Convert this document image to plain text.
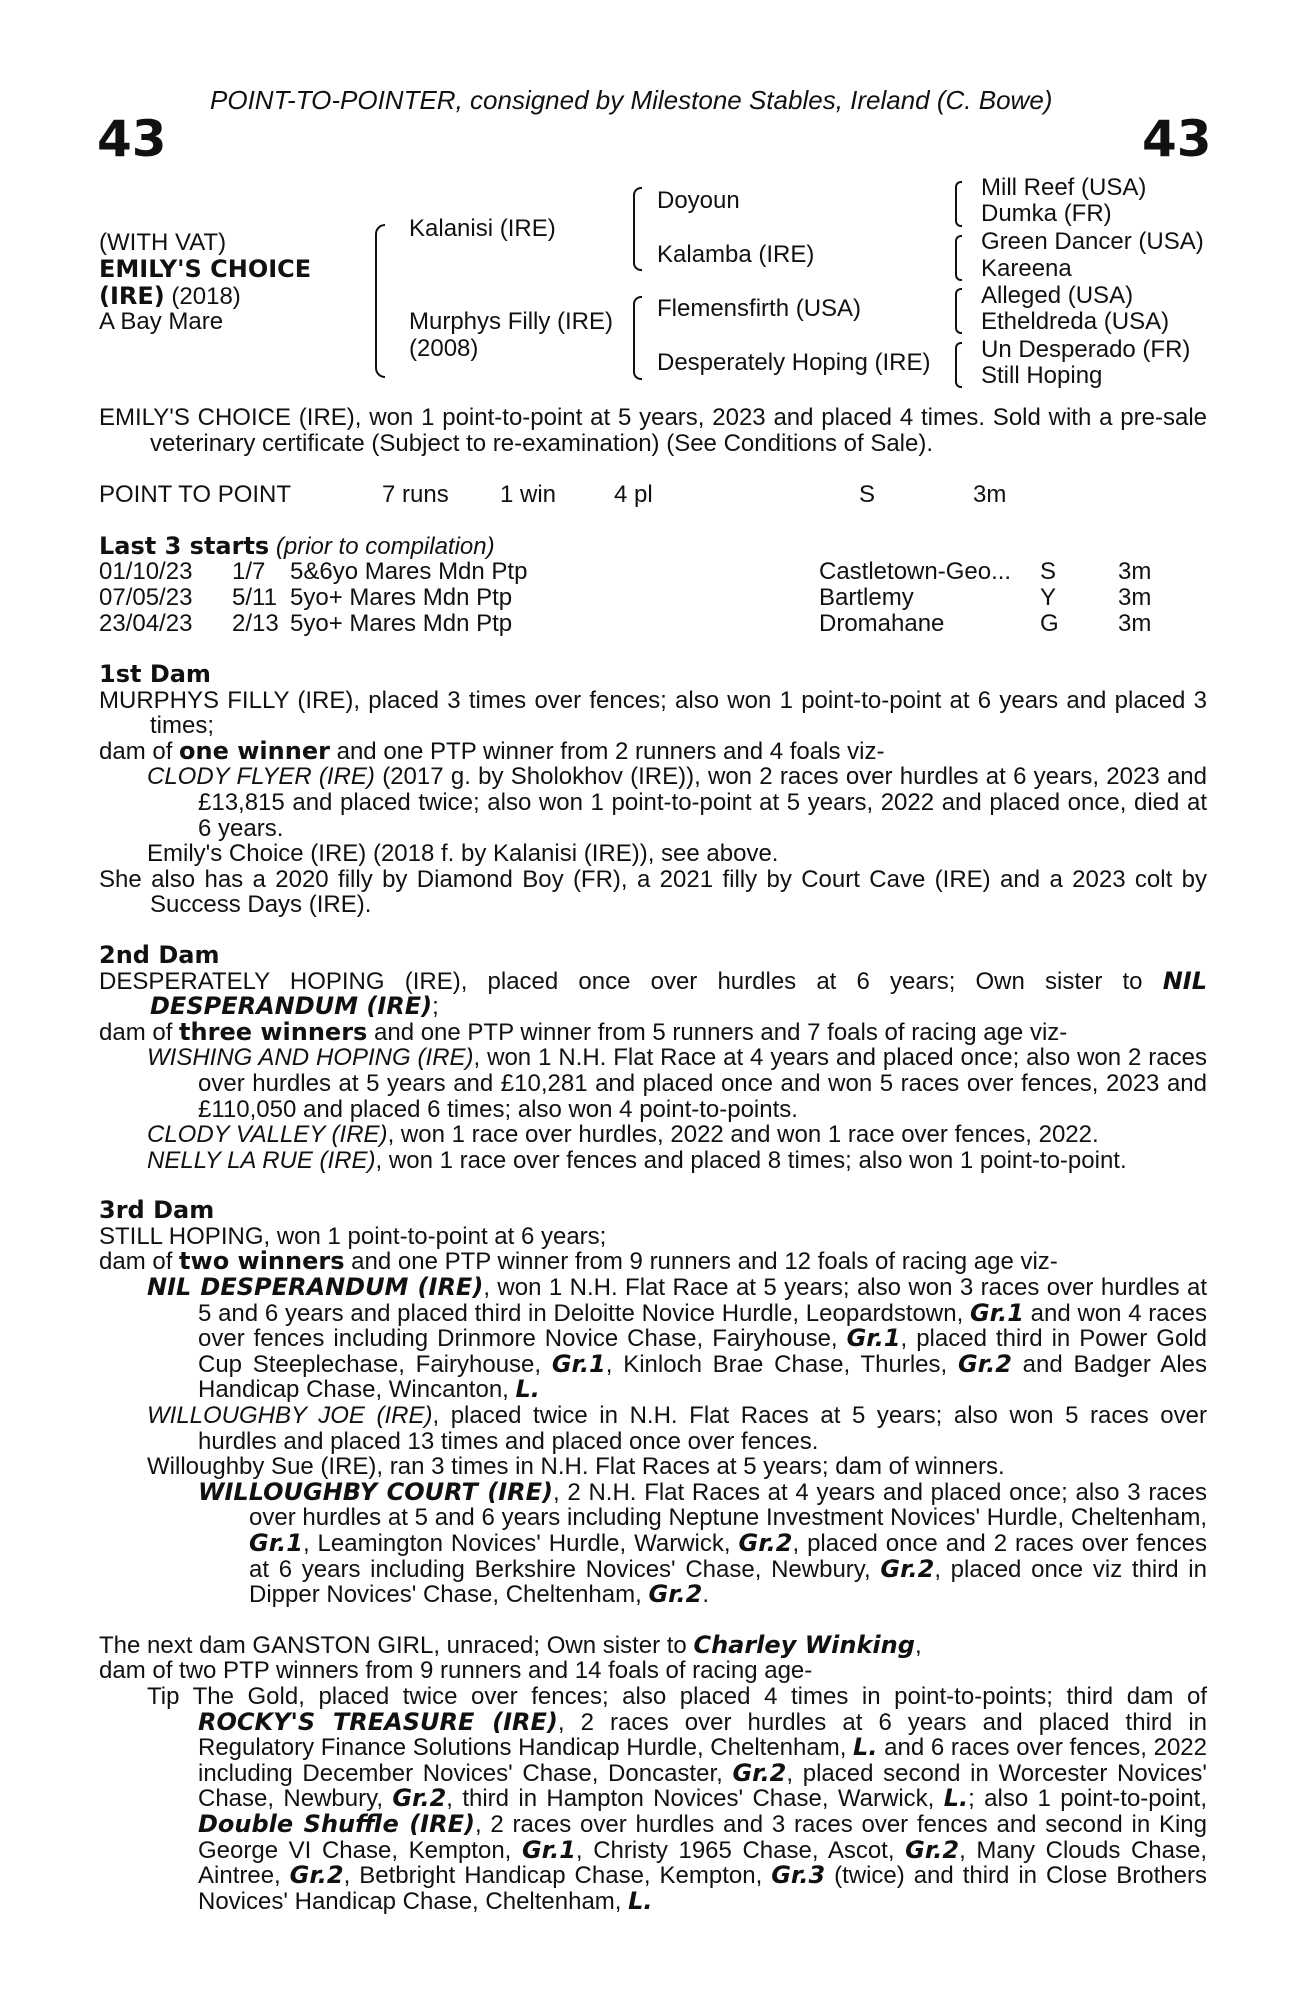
POINT-TO-POINTER, consigned by Milestone Stables, Ireland (C. Bowe)
43	43
(WITH VAT)
EMILY'S CHOICE
(IRE) (2018)
A Bay Mare
Kalanisi (IRE)
Murphys Filly (IRE)
(2008)
Doyoun
Kalamba (IRE)
Flemensfirth (USA)
Desperately Hoping (IRE)
Mill Reef (USA)
Dumka (FR)
Green Dancer (USA)
Kareena
Alleged (USA)
Etheldreda (USA)
Un Desperado (FR)
Still Hoping

EMILY'S CHOICE (IRE), won 1 point-to-point at 5 years, 2023 and placed 4 times. Sold with a pre-sale veterinary certificate (Subject to re-examination) (See Conditions of Sale).

POINT TO POINT	7 runs 1 win 4 pl	S	3m
Last 3 starts (prior to compilation)
01/10/23 1/7 5&6yo Mares Mdn Ptp	Castletown-Geo... S	3m
07/05/23 5/11 5yo+ Mares Mdn Ptp	Bartlemy	Y	3m
23/04/23 2/13 5yo+ Mares Mdn Ptp	Dromahane	G 3m

1st Dam

MURPHYS FILLY (IRE), placed 3 times over fences; also won 1 point-to-point at 6 years and placed 3 times;

dam of one winner and one PTP winner from 2 runners and 4 foals viz-

CLODY FLYER (IRE) (2017 g. by Sholokhov (IRE)), won 2 races over hurdles at 6 years, 2023 and £13,815 and placed twice; also won 1 point-to-point at 5 years, 2022 and placed once, died at 6 years.

Emily's Choice (IRE) (2018 f. by Kalanisi (IRE)), see above.

She also has a 2020 filly by Diamond Boy (FR), a 2021 filly by Court Cave (IRE) and a 2023 colt by Success Days (IRE).

2nd Dam

DESPERATELY HOPING (IRE), placed once over hurdles at 6 years; Own sister to NIL DESPERANDUM (IRE);

dam of three winners and one PTP winner from 5 runners and 7 foals of racing age viz-

WISHING AND HOPING (IRE), won 1 N.H. Flat Race at 4 years and placed once; also won 2 races over hurdles at 5 years and £10,281 and placed once and won 5 races over fences, 2023 and £110,050 and placed 6 times; also won 4 point-to-points.

CLODY VALLEY (IRE), won 1 race over hurdles, 2022 and won 1 race over fences, 2022.

NELLY LA RUE (IRE), won 1 race over fences and placed 8 times; also won 1 point-to-point.

3rd Dam

STILL HOPING, won 1 point-to-point at 6 years;

dam of two winners and one PTP winner from 9 runners and 12 foals of racing age viz-

NIL DESPERANDUM (IRE), won 1 N.H. Flat Race at 5 years; also won 3 races over hurdles at 5 and 6 years and placed third in Deloitte Novice Hurdle, Leopardstown, Gr.1 and won 4 races over fences including Drinmore Novice Chase, Fairyhouse, Gr.1, placed third in Power Gold Cup Steeplechase, Fairyhouse, Gr.1, Kinloch Brae Chase, Thurles, Gr.2 and Badger Ales Handicap Chase, Wincanton, L.

WILLOUGHBY JOE (IRE), placed twice in N.H. Flat Races at 5 years; also won 5 races over hurdles and placed 13 times and placed once over fences.

Willoughby Sue (IRE), ran 3 times in N.H. Flat Races at 5 years; dam of winners.

WILLOUGHBY COURT (IRE), 2 N.H. Flat Races at 4 years and placed once; also 3 races over hurdles at 5 and 6 years including Neptune Investment Novices' Hurdle, Cheltenham, Gr.1, Leamington Novices' Hurdle, Warwick, Gr.2, placed once and 2 races over fences at 6 years including Berkshire Novices' Chase, Newbury, Gr.2, placed once viz third in Dipper Novices' Chase, Cheltenham, Gr.2.

The next dam GANSTON GIRL, unraced; Own sister to Charley Winking,

dam of two PTP winners from 9 runners and 14 foals of racing age-

Tip The Gold, placed twice over fences; also placed 4 times in point-to-points; third dam of ROCKY'S TREASURE (IRE), 2 races over hurdles at 6 years and placed third in Regulatory Finance Solutions Handicap Hurdle, Cheltenham, L. and 6 races over fences, 2022 including December Novices' Chase, Doncaster, Gr.2, placed second in Worcester Novices' Chase, Newbury, Gr.2, third in Hampton Novices' Chase, Warwick, L.; also 1 point-to-point, Double Shuffle (IRE), 2 races over hurdles and 3 races over fences and second in King George VI Chase, Kempton, Gr.1, Christy 1965 Chase, Ascot, Gr.2, Many Clouds Chase, Aintree, Gr.2, Betbright Handicap Chase, Kempton, Gr.3 (twice) and third in Close Brothers Novices' Handicap Chase, Cheltenham, L.
